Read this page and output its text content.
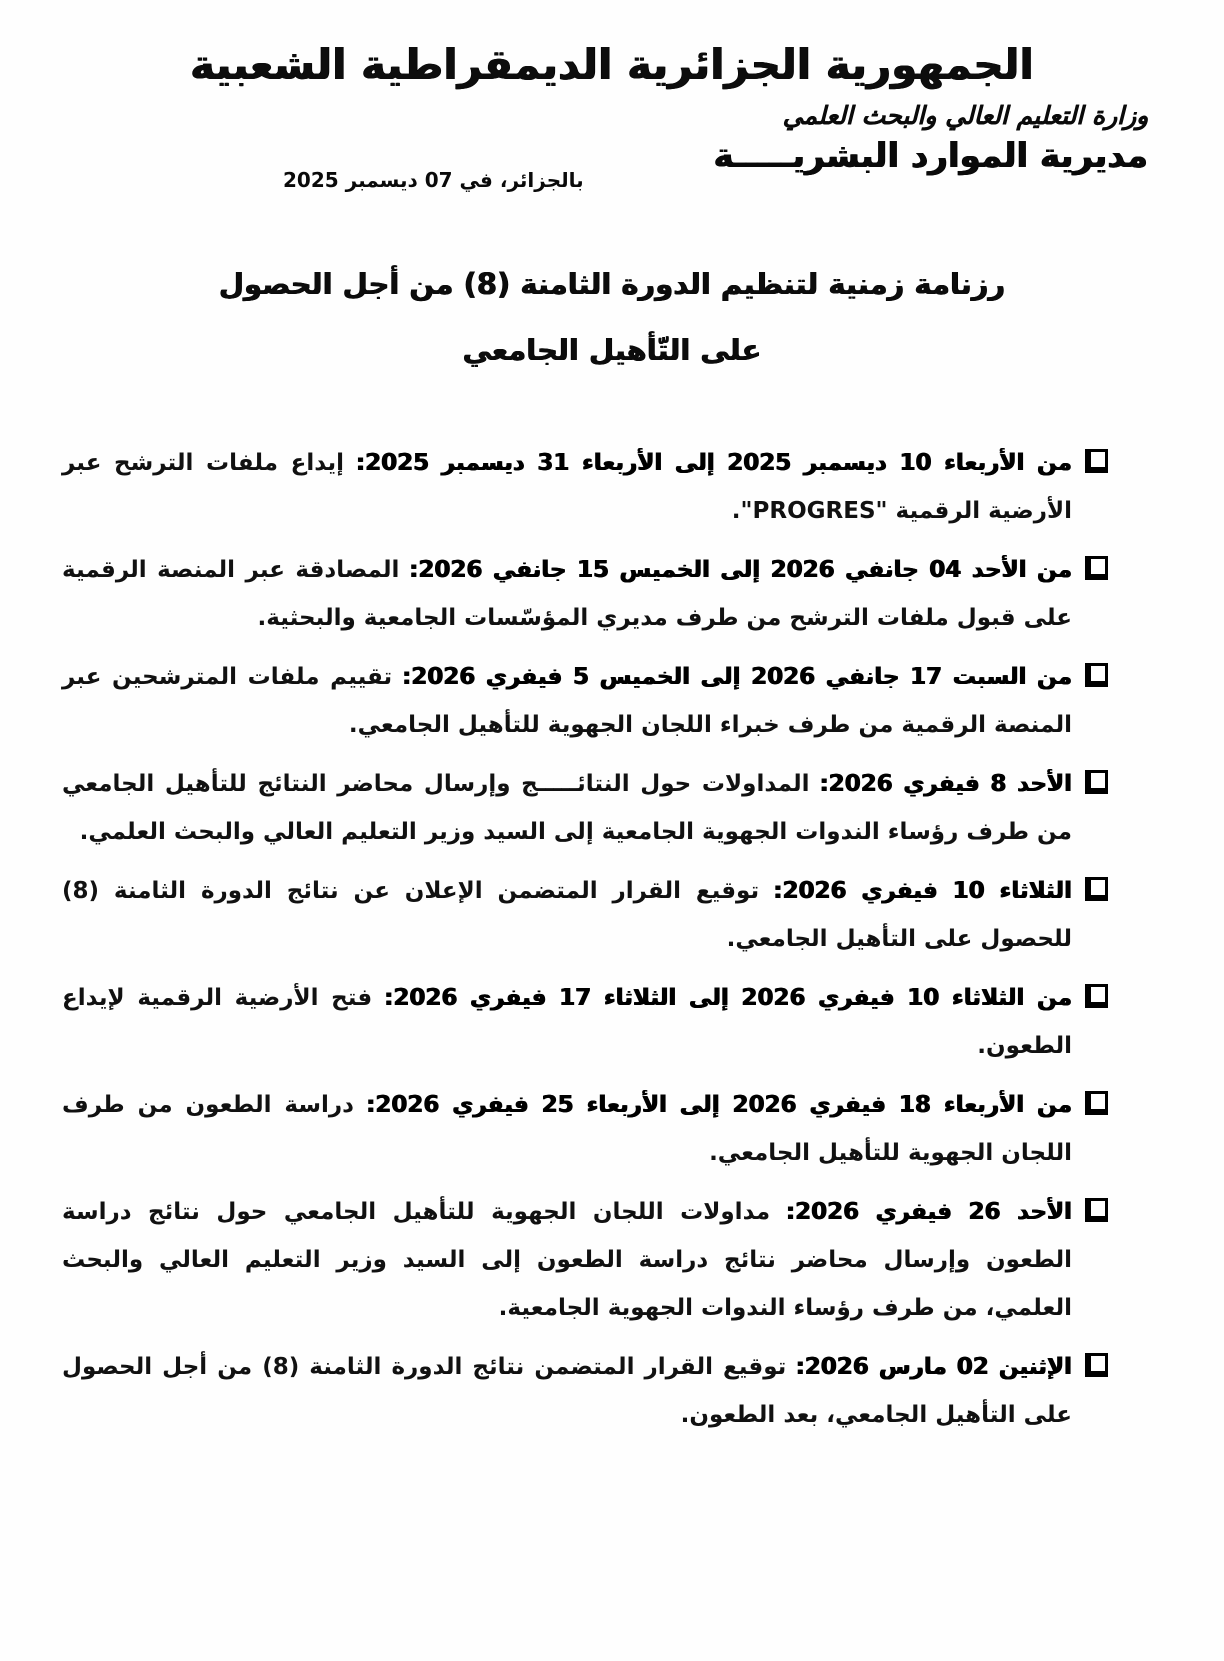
الجمهورية الجزائرية الديمقراطية الشعبية
وزارة التعليم العالي والبحث العلمي
مديرية الموارد البشريـــــة
بالجزائر، في 07 ديسمبر 2025
رزنامة زمنية لتنظيم الدورة الثامنة (8) من أجل الحصول
على التّأهيل الجامعي
من الأربعاء 10 ديسمبر 2025 إلى الأربعاء 31 ديسمبر 2025: إيداع ملفات الترشح عبر الأرضية الرقمية "PROGRES".
من الأحد 04 جانفي 2026 إلى الخميس 15 جانفي 2026: المصادقة عبر المنصة الرقمية على قبول ملفات الترشح من طرف مديري المؤسّسات الجامعية والبحثية.
من السبت 17 جانفي 2026 إلى الخميس 5 فيفري 2026: تقييم ملفات المترشحين عبر المنصة الرقمية من طرف خبراء اللجان الجهوية للتأهيل الجامعي.
الأحد 8 فيفري 2026: المداولات حول النتائـــــج وإرسال محاضر النتائج للتأهيل الجامعي من طرف رؤساء الندوات الجهوية الجامعية إلى السيد وزير التعليم العالي والبحث العلمي.
الثلاثاء 10 فيفري 2026: توقيع القرار المتضمن الإعلان عن نتائج الدورة الثامنة (8) للحصول على التأهيل الجامعي.
من الثلاثاء 10 فيفري 2026 إلى الثلاثاء 17 فيفري 2026: فتح الأرضية الرقمية لإيداع الطعون.
من الأربعاء 18 فيفري 2026 إلى الأربعاء 25 فيفري 2026: دراسة الطعون من طرف اللجان الجهوية للتأهيل الجامعي.
الأحد 26 فيفري 2026: مداولات اللجان الجهوية للتأهيل الجامعي حول نتائج دراسة الطعون وإرسال محاضر نتائج دراسة الطعون إلى السيد وزير التعليم العالي والبحث العلمي، من طرف رؤساء الندوات الجهوية الجامعية.
الإثنين 02 مارس 2026: توقيع القرار المتضمن نتائج الدورة الثامنة (8) من أجل الحصول على التأهيل الجامعي، بعد الطعون.
